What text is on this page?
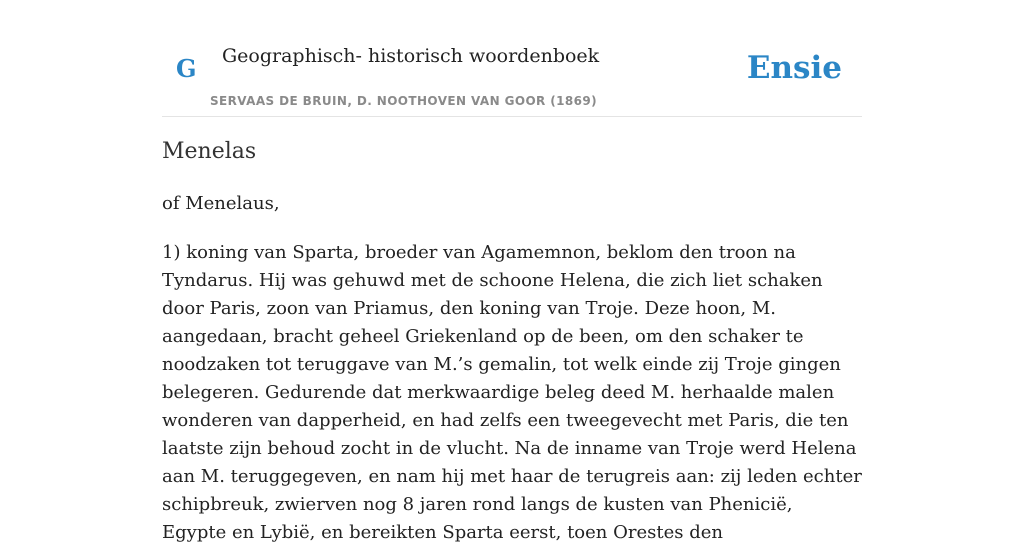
G Geographisch- historisch woordenboek
SERVAAS DE BRUIN, D. NOOTHOVEN VAN GOOR (1869)
Ensie
Menelas

of Menelaus,

1) koning van Sparta, broeder van Agamemnon, beklom den troon na Tyndarus. Hij was gehuwd met de schoone Helena, die zich liet schaken door Paris, zoon van Priamus, den koning van Troje. Deze hoon, M. aangedaan, bracht geheel Griekenland op de been, om den schaker te noodzaken tot teruggave van M.’s gemalin, tot welk einde zij Troje gingen belegeren. Gedurende dat merkwaardige beleg deed M. herhaalde malen wonderen van dapperheid, en had zelfs een tweegevecht met Paris, die ten laatste zijn behoud zocht in de vlucht. Na de inname van Troje werd Helena aan M. teruggegeven, en nam hij met haar de terugreis aan: zij leden echter schipbreuk, zwierven nog 8 jaren rond langs de kusten van Phenicië, Egypte en Lybië, en bereikten Sparta eerst, toen Orestes den
